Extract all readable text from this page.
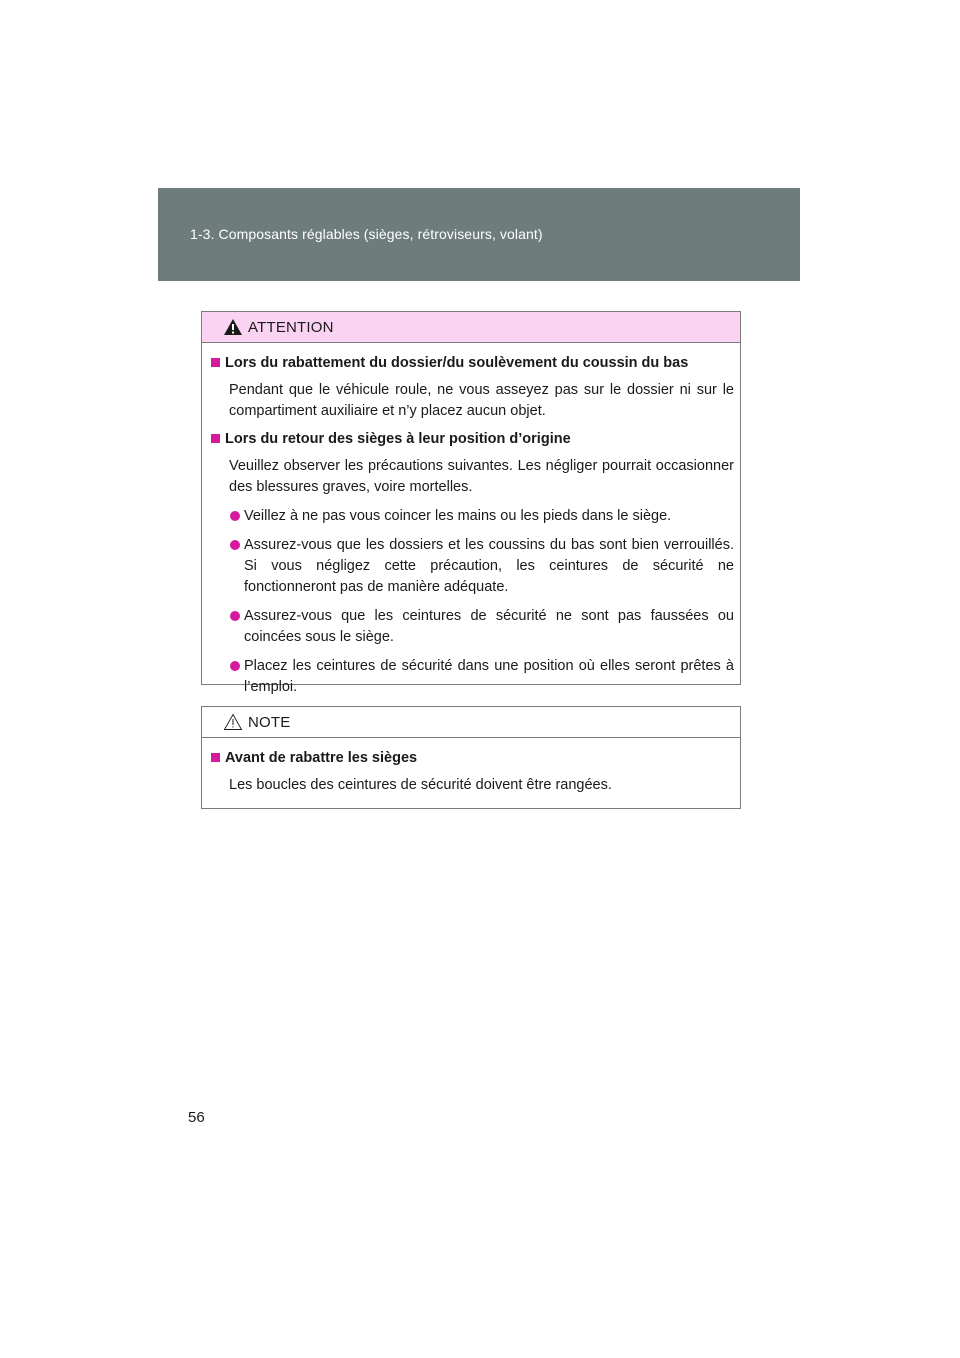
1-3. Composants réglables (sièges, rétroviseurs, volant)
ATTENTION
Lors du rabattement du dossier/du soulèvement du coussin du bas
Pendant que le véhicule roule, ne vous asseyez pas sur le dossier ni sur le compartiment auxiliaire et n’y placez aucun objet.
Lors du retour des sièges à leur position d’origine
Veuillez observer les précautions suivantes. Les négliger pourrait occasionner des blessures graves, voire mortelles.
Veillez à ne pas vous coincer les mains ou les pieds dans le siège.
Assurez-vous que les dossiers et les coussins du bas sont bien verrouillés. Si vous négligez cette précaution, les ceintures de sécurité ne fonctionneront pas de manière adéquate.
Assurez-vous que les ceintures de sécurité ne sont pas faussées ou coincées sous le siège.
Placez les ceintures de sécurité dans une position où elles seront prêtes à l’emploi.
NOTE
Avant de rabattre les sièges
Les boucles des ceintures de sécurité doivent être rangées.
56
